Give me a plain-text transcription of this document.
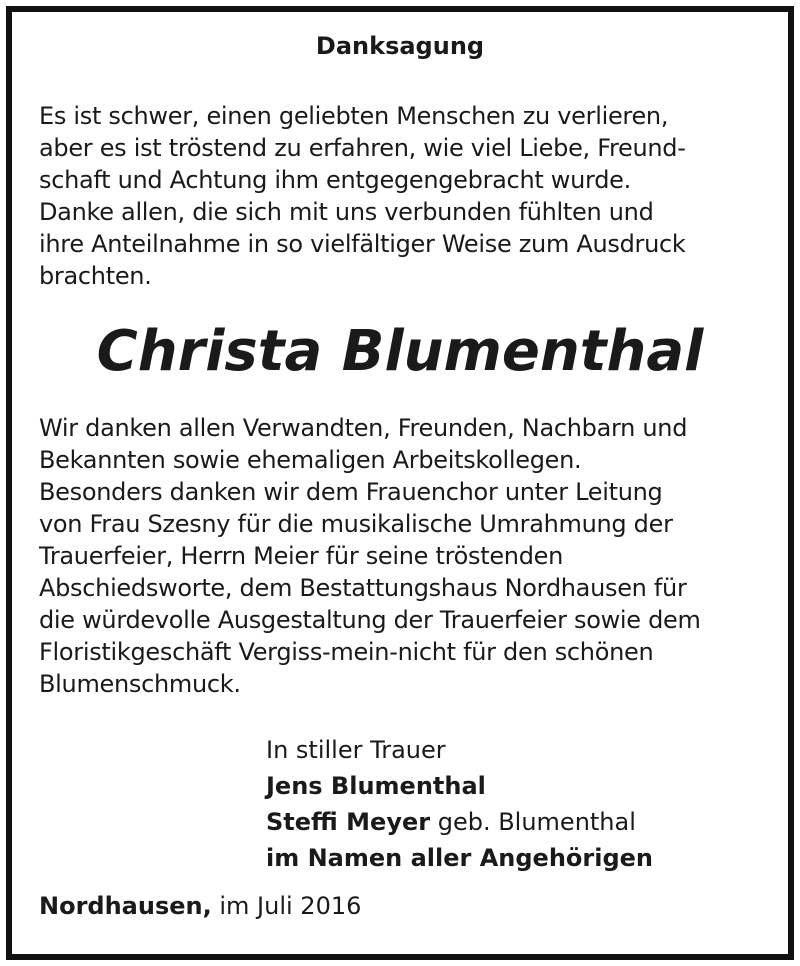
Danksagung

Es ist schwer, einen geliebten Menschen zu verlieren,
aber es ist tröstend zu erfahren, wie viel Liebe, Freund-
schaft und Achtung ihm entgegengebracht wurde.
Danke allen, die sich mit uns verbunden fühlten und
ihre Anteilnahme in so vielfältiger Weise zum Ausdruck
brachten.

Christa Blumenthal

Wir danken allen Verwandten, Freunden, Nachbarn und
Bekannten sowie ehemaligen Arbeitskollegen.
Besonders danken wir dem Frauenchor unter Leitung
von Frau Szesny für die musikalische Umrahmung der
Trauerfeier, Herrn Meier für seine tröstenden
Abschiedsworte, dem Bestattungshaus Nordhausen für
die würdevolle Ausgestaltung der Trauerfeier sowie dem
Floristikgeschäft Vergiss-mein-nicht für den schönen
Blumenschmuck.

In stiller Trauer
Jens Blumenthal
Steffi Meyer geb. Blumenthal
im Namen aller Angehörigen
Nordhausen, im Juli 2016
